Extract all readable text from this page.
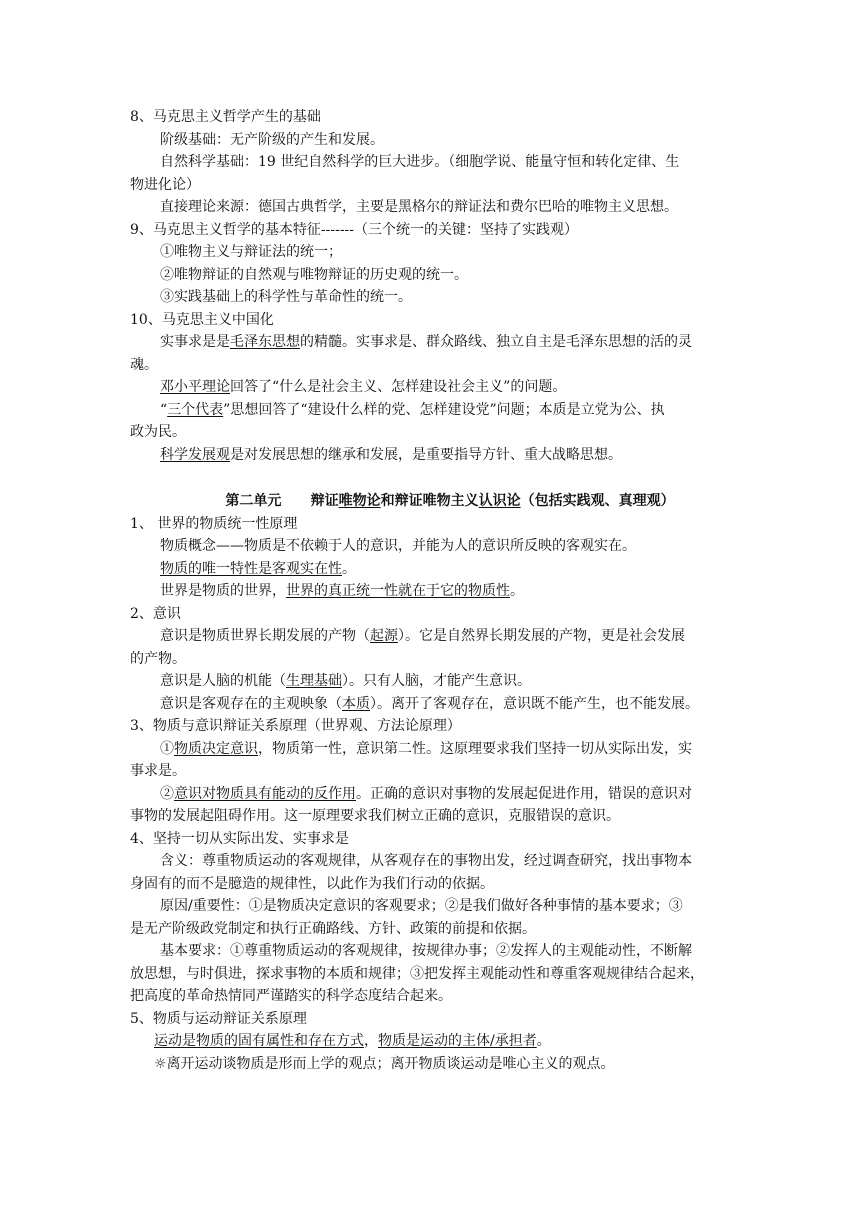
8、马克思主义哲学产生的基础
阶级基础：无产阶级的产生和发展。
自然科学基础：19 世纪自然科学的巨大进步。（细胞学说、能量守恒和转化定律、生
物进化论）
直接理论来源：德国古典哲学，主要是黑格尔的辩证法和费尔巴哈的唯物主义思想。
9、马克思主义哲学的基本特征-------（三个统一的关键：坚持了实践观）
①唯物主义与辩证法的统一；
②唯物辩证的自然观与唯物辩证的历史观的统一。
③实践基础上的科学性与革命性的统一。
10、马克思主义中国化
实事求是是毛泽东思想的精髓。实事求是、群众路线、独立自主是毛泽东思想的活的灵
魂。
邓小平理论回答了“什么是社会主义、怎样建设社会主义”的问题。
“三个代表”思想回答了“建设什么样的党、怎样建设党”问题；本质是立党为公、执
政为民。
科学发展观是对发展思想的继承和发展，是重要指导方针、重大战略思想。
第二单元 辩证唯物论和辩证唯物主义认识论（包括实践观、真理观）
1、 世界的物质统一性原理
物质概念——物质是不依赖于人的意识，并能为人的意识所反映的客观实在。
物质的唯一特性是客观实在性。
世界是物质的世界，世界的真正统一性就在于它的物质性。
2、意识
意识是物质世界长期发展的产物（起源）。它是自然界长期发展的产物，更是社会发展
的产物。
意识是人脑的机能（生理基础）。只有人脑，才能产生意识。
意识是客观存在的主观映象（本质）。离开了客观存在，意识既不能产生，也不能发展。
3、物质与意识辩证关系原理（世界观、方法论原理）
①物质决定意识，物质第一性，意识第二性。这原理要求我们坚持一切从实际出发，实
事求是。
②意识对物质具有能动的反作用。正确的意识对事物的发展起促进作用，错误的意识对
事物的发展起阻碍作用。这一原理要求我们树立正确的意识，克服错误的意识。
4、坚持一切从实际出发、实事求是
含义：尊重物质运动的客观规律，从客观存在的事物出发，经过调查研究，找出事物本
身固有的而不是臆造的规律性，以此作为我们行动的依据。
原因/重要性：①是物质决定意识的客观要求；②是我们做好各种事情的基本要求；③
是无产阶级政党制定和执行正确路线、方针、政策的前提和依据。
基本要求：①尊重物质运动的客观规律，按规律办事；②发挥人的主观能动性，不断解
放思想，与时俱进，探求事物的本质和规律；③把发挥主观能动性和尊重客观规律结合起来，
把高度的革命热情同严谨踏实的科学态度结合起来。
5、物质与运动辩证关系原理
运动是物质的固有属性和存在方式，物质是运动的主体/承担者。
☼离开运动谈物质是形而上学的观点；离开物质谈运动是唯心主义的观点。
